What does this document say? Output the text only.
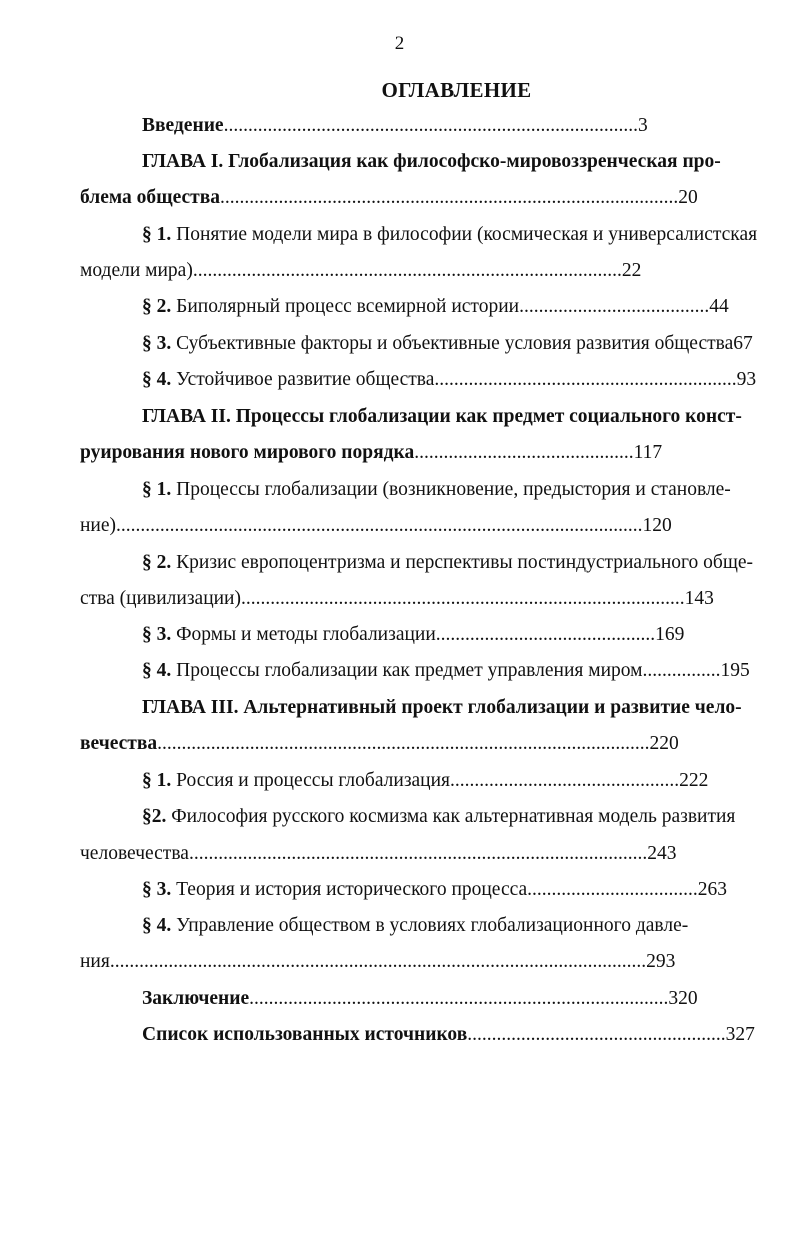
2
ОГЛАВЛЕНИЕ
Введение.....................................................................................3
ГЛАВА I. Глобализация как философско-мировоззренческая про-
блема общества..............................................................................................20
§ 1. Понятие модели мира в философии (космическая и универсалистская
модели мира)........................................................................................22
§ 2. Биполярный процесс всемирной истории.......................................44
§ 3. Субъективные факторы и объективные условия развития общества67
§ 4. Устойчивое развитие общества..............................................................93
ГЛАВА II. Процессы глобализации как предмет социального конст-
руирования нового мирового порядка.............................................117
§ 1. Процессы глобализации (возникновение, предыстория и становле-
ние)............................................................................................................120
§ 2. Кризис европоцентризма и перспективы постиндустриального обще-
ства (цивилизации)...........................................................................................143
§ 3. Формы и методы глобализации.............................................169
§ 4. Процессы глобализации как предмет управления миром................195
ГЛАВА III. Альтернативный проект глобализации и развитие чело-
вечества.....................................................................................................220
§ 1. Россия и процессы глобализация...............................................222
§2. Философия русского космизма как альтернативная модель развития
человечества..............................................................................................243
§ 3. Теория и история исторического процесса...................................263
§ 4. Управление обществом в условиях глобализационного давле-
ния..............................................................................................................293
Заключение......................................................................................320
Список использованных источников.....................................................327
